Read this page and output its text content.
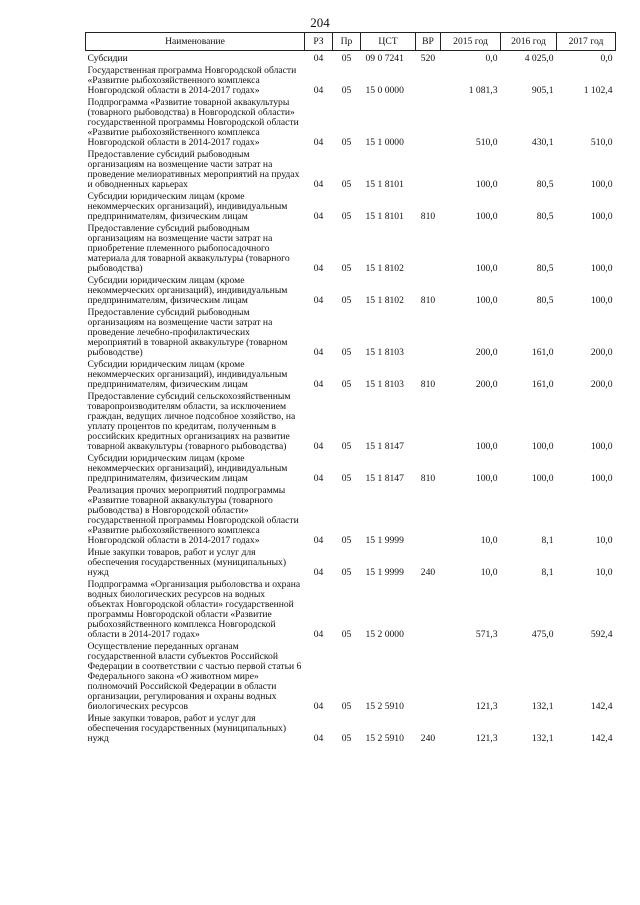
204
Наименование	РЗ	Пр	ЦСТ	ВР	2015 год	2016 год	2017 год
Субсидии	04	05	09 0 7241	520	0,0	4 025,0	0,0
Государственная программа Новгородской области «Развитие рыбохозяйственного комплекса Новгородской области в 2014-2017 годах»	04	05	15 0 0000		1 081,3	905,1	1 102,4
Подпрограмма «Развитие товарной аквакультуры (товарного рыбоводства) в Новгородской области» государственной программы Новгородской области «Развитие рыбохозяйственного комплекса Новгородской области в 2014-2017 годах»	04	05	15 1 0000		510,0	430,1	510,0
Предоставление субсидий рыбоводным организациям на возмещение части затрат на проведение мелиоративных мероприятий на прудах и обводненных карьерах	04	05	15 1 8101		100,0	80,5	100,0
Субсидии юридическим лицам (кроме некоммерческих организаций), индивидуальным предпринимателям, физическим лицам	04	05	15 1 8101	810	100,0	80,5	100,0
Предоставление субсидий рыбоводным организациям на возмещение части затрат на приобретение племенного рыбопосадочного материала для товарной аквакультуры (товарного рыбоводства)	04	05	15 1 8102		100,0	80,5	100,0
Субсидии юридическим лицам (кроме некоммерческих организаций), индивидуальным предпринимателям, физическим лицам	04	05	15 1 8102	810	100,0	80,5	100,0
Предоставление субсидий рыбоводным организациям на возмещение части затрат на проведение лечебно-профилактических мероприятий в товарной аквакультуре (товарном рыбоводстве)	04	05	15 1 8103		200,0	161,0	200,0
Субсидии юридическим лицам (кроме некоммерческих организаций), индивидуальным предпринимателям, физическим лицам	04	05	15 1 8103	810	200,0	161,0	200,0
Предоставление субсидий сельскохозяйственным товаропроизводителям области, за исключением граждан, ведущих личное подсобное хозяйство, на уплату процентов по кредитам, полученным в российских кредитных организациях на развитие товарной аквакультуры (товарного рыбоводства)	04	05	15 1 8147		100,0	100,0	100,0
Субсидии юридическим лицам (кроме некоммерческих организаций), индивидуальным предпринимателям, физическим лицам	04	05	15 1 8147	810	100,0	100,0	100,0
Реализация прочих мероприятий подпрограммы «Развитие товарной аквакультуры (товарного рыбоводства) в Новгородской области» государственной программы Новгородской области «Развитие рыбохозяйственного комплекса Новгородской области в 2014-2017 годах»	04	05	15 1 9999		10,0	8,1	10,0
Иные закупки товаров, работ и услуг для обеспечения государственных (муниципальных) нужд	04	05	15 1 9999	240	10,0	8,1	10,0
Подпрограмма «Организация рыболовства и охрана водных биологических ресурсов на водных объектах Новгородской области» государственной программы Новгородской области «Развитие рыбохозяйственного комплекса Новгородской области в 2014-2017 годах»	04	05	15 2 0000		571,3	475,0	592,4
Осуществление переданных органам государственной власти субъектов Российской Федерации в соответствии с частью первой статьи 6 Федерального закона «О животном мире» полномочий Российской Федерации в области организации, регулирования и охраны водных биологических ресурсов	04	05	15 2 5910		121,3	132,1	142,4
Иные закупки товаров, работ и услуг для обеспечения государственных (муниципальных) нужд	04	05	15 2 5910	240	121,3	132,1	142,4
